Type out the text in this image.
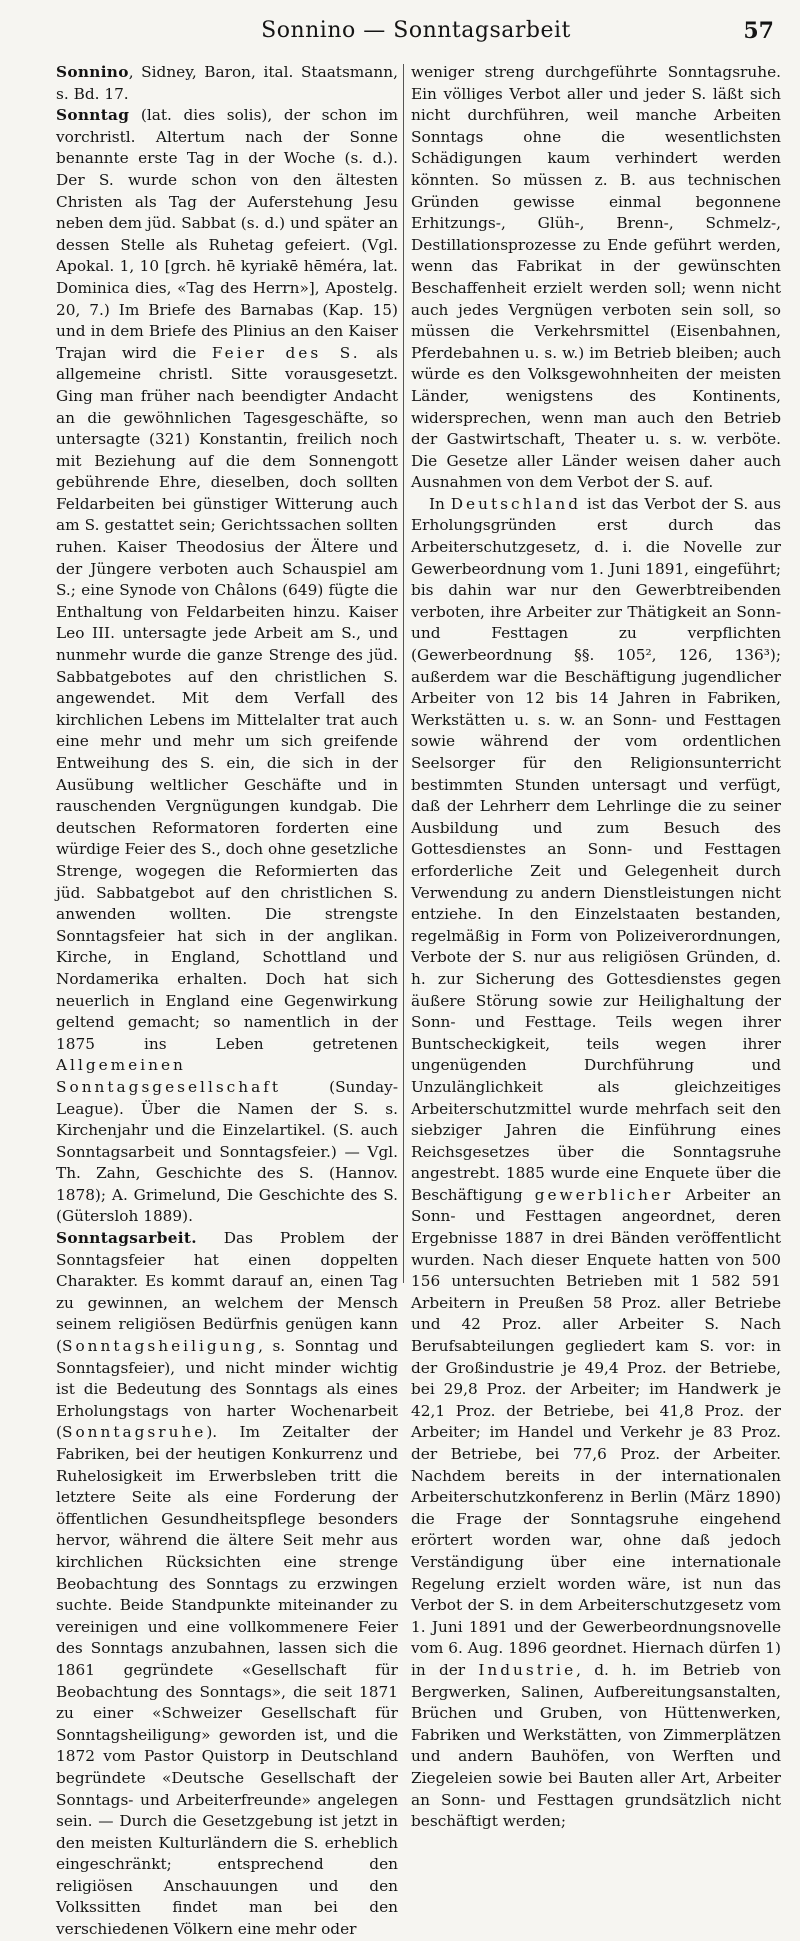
Sonnino — Sonntagsarbeit	57

Sonnino, Sidney, Baron, ital. Staatsmann, s. Bd. 17.

Sonntag (lat. dies solis), der schon im vorchristl. Altertum nach der Sonne benannte erste Tag in der Woche (s. d.). Der S. wurde schon von den ältesten Christen als Tag der Auferstehung Jesu neben dem jüd. Sabbat (s. d.) und später an dessen Stelle als Ruhetag gefeiert. (Vgl. Apokal. 1, 10 [grch. hē kyriakē hēméra, lat. Dominica dies, «Tag des Herrn»], Apostelg. 20, 7.) Im Briefe des Barnabas (Kap. 15) und in dem Briefe des Plinius an den Kaiser Trajan wird die Feier des S. als allgemeine christl. Sitte vorausgesetzt. Ging man früher nach beendigter Andacht an die gewöhnlichen Tagesgeschäfte, so untersagte (321) Konstantin, freilich noch mit Beziehung auf die dem Sonnengott gebührende Ehre, dieselben, doch sollten Feldarbeiten bei günstiger Witterung auch am S. gestattet sein; Gerichtssachen sollten ruhen. Kaiser Theodosius der Ältere und der Jüngere verboten auch Schauspiel am S.; eine Synode von Châlons (649) fügte die Enthaltung von Feldarbeiten hinzu. Kaiser Leo III. untersagte jede Arbeit am S., und nunmehr wurde die ganze Strenge des jüd. Sabbatgebotes auf den christlichen S. angewendet. Mit dem Verfall des kirchlichen Lebens im Mittelalter trat auch eine mehr und mehr um sich greifende Entweihung des S. ein, die sich in der Ausübung weltlicher Geschäfte und in rauschenden Vergnügungen kundgab. Die deutschen Reformatoren forderten eine würdige Feier des S., doch ohne gesetzliche Strenge, wogegen die Reformierten das jüd. Sabbatgebot auf den christlichen S. anwenden wollten. Die strengste Sonntagsfeier hat sich in der anglikan. Kirche, in England, Schottland und Nordamerika erhalten. Doch hat sich neuerlich in England eine Gegenwirkung geltend gemacht; so namentlich in der 1875 ins Leben getretenen Allgemeinen Sonntagsgesellschaft (Sunday-League). Über die Namen der S. s. Kirchenjahr und die Einzelartikel. (S. auch Sonntagsarbeit und Sonntagsfeier.) — Vgl. Th. Zahn, Geschichte des S. (Hannov. 1878); A. Grimelund, Die Geschichte des S. (Gütersloh 1889).

Sonntagsarbeit. Das Problem der Sonntagsfeier hat einen doppelten Charakter. Es kommt darauf an, einen Tag zu gewinnen, an welchem der Mensch seinem religiösen Bedürfnis genügen kann (Sonntagsheiligung, s. Sonntag und Sonntagsfeier), und nicht minder wichtig ist die Bedeutung des Sonntags als eines Erholungstags von harter Wochenarbeit (Sonntagsruhe). Im Zeitalter der Fabriken, bei der heutigen Konkurrenz und Ruhelosigkeit im Erwerbsleben tritt die letztere Seite als eine Forderung der öffentlichen Gesundheitspflege besonders hervor, während die ältere Seit mehr aus kirchlichen Rücksichten eine strenge Beobachtung des Sonntags zu erzwingen suchte. Beide Standpunkte miteinander zu vereinigen und eine vollkommenere Feier des Sonntags anzubahnen, lassen sich die 1861 gegründete «Gesellschaft für Beobachtung des Sonntags», die seit 1871 zu einer «Schweizer Gesellschaft für Sonntagsheiligung» geworden ist, und die 1872 vom Pastor Quistorp in Deutschland begründete «Deutsche Gesellschaft der Sonntags- und Arbeiterfreunde» angelegen sein. — Durch die Gesetzgebung ist jetzt in den meisten Kulturländern die S. erheblich eingeschränkt; entsprechend den religiösen Anschauungen und den Volkssitten findet man bei den verschiedenen Völkern eine mehr oder

weniger streng durchgeführte Sonntagsruhe. Ein völliges Verbot aller und jeder S. läßt sich nicht durchführen, weil manche Arbeiten Sonntags ohne die wesentlichsten Schädigungen kaum verhindert werden könnten. So müssen z. B. aus technischen Gründen gewisse einmal begonnene Erhitzungs-, Glüh-, Brenn-, Schmelz-, Destillationsprozesse zu Ende geführt werden, wenn das Fabrikat in der gewünschten Beschaffenheit erzielt werden soll; wenn nicht auch jedes Vergnügen verboten sein soll, so müssen die Verkehrsmittel (Eisenbahnen, Pferdebahnen u. s. w.) im Betrieb bleiben; auch würde es den Volksgewohnheiten der meisten Länder, wenigstens des Kontinents, widersprechen, wenn man auch den Betrieb der Gastwirtschaft, Theater u. s. w. verböte. Die Gesetze aller Länder weisen daher auch Ausnahmen von dem Verbot der S. auf.

In Deutschland ist das Verbot der S. aus Erholungsgründen erst durch das Arbeiterschutzgesetz, d. i. die Novelle zur Gewerbeordnung vom 1. Juni 1891, eingeführt; bis dahin war nur den Gewerbtreibenden verboten, ihre Arbeiter zur Thätigkeit an Sonn- und Festtagen zu verpflichten (Gewerbeordnung §§. 105², 126, 136³); außerdem war die Beschäftigung jugendlicher Arbeiter von 12 bis 14 Jahren in Fabriken, Werkstätten u. s. w. an Sonn- und Festtagen sowie während der vom ordentlichen Seelsorger für den Religionsunterricht bestimmten Stunden untersagt und verfügt, daß der Lehrherr dem Lehrlinge die zu seiner Ausbildung und zum Besuch des Gottesdienstes an Sonn- und Festtagen erforderliche Zeit und Gelegenheit durch Verwendung zu andern Dienstleistungen nicht entziehe. In den Einzelstaaten bestanden, regelmäßig in Form von Polizeiverordnungen, Verbote der S. nur aus religiösen Gründen, d. h. zur Sicherung des Gottesdienstes gegen äußere Störung sowie zur Heilighaltung der Sonn- und Festtage. Teils wegen ihrer Buntscheckigkeit, teils wegen ihrer ungenügenden Durchführung und Unzulänglichkeit als gleichzeitiges Arbeiterschutzmittel wurde mehrfach seit den siebziger Jahren die Einführung eines Reichsgesetzes über die Sonntagsruhe angestrebt. 1885 wurde eine Enquete über die Beschäftigung gewerblicher Arbeiter an Sonn- und Festtagen angeordnet, deren Ergebnisse 1887 in drei Bänden veröffentlicht wurden. Nach dieser Enquete hatten von 500 156 untersuchten Betrieben mit 1 582 591 Arbeitern in Preußen 58 Proz. aller Betriebe und 42 Proz. aller Arbeiter S. Nach Berufsabteilungen gegliedert kam S. vor: in der Großindustrie je 49,4 Proz. der Betriebe, bei 29,8 Proz. der Arbeiter; im Handwerk je 42,1 Proz. der Betriebe, bei 41,8 Proz. der Arbeiter; im Handel und Verkehr je 83 Proz. der Betriebe, bei 77,6 Proz. der Arbeiter. Nachdem bereits in der internationalen Arbeiterschutzkonferenz in Berlin (März 1890) die Frage der Sonntagsruhe eingehend erörtert worden war, ohne daß jedoch Verständigung über eine internationale Regelung erzielt worden wäre, ist nun das Verbot der S. in dem Arbeiterschutzgesetz vom 1. Juni 1891 und der Gewerbeordnungsnovelle vom 6. Aug. 1896 geordnet. Hiernach dürfen 1) in der Industrie, d. h. im Betrieb von Bergwerken, Salinen, Aufbereitungsanstalten, Brüchen und Gruben, von Hüttenwerken, Fabriken und Werkstätten, von Zimmerplätzen und andern Bauhöfen, von Werften und Ziegeleien sowie bei Bauten aller Art, Arbeiter an Sonn- und Festtagen grundsätzlich nicht beschäftigt werden;
